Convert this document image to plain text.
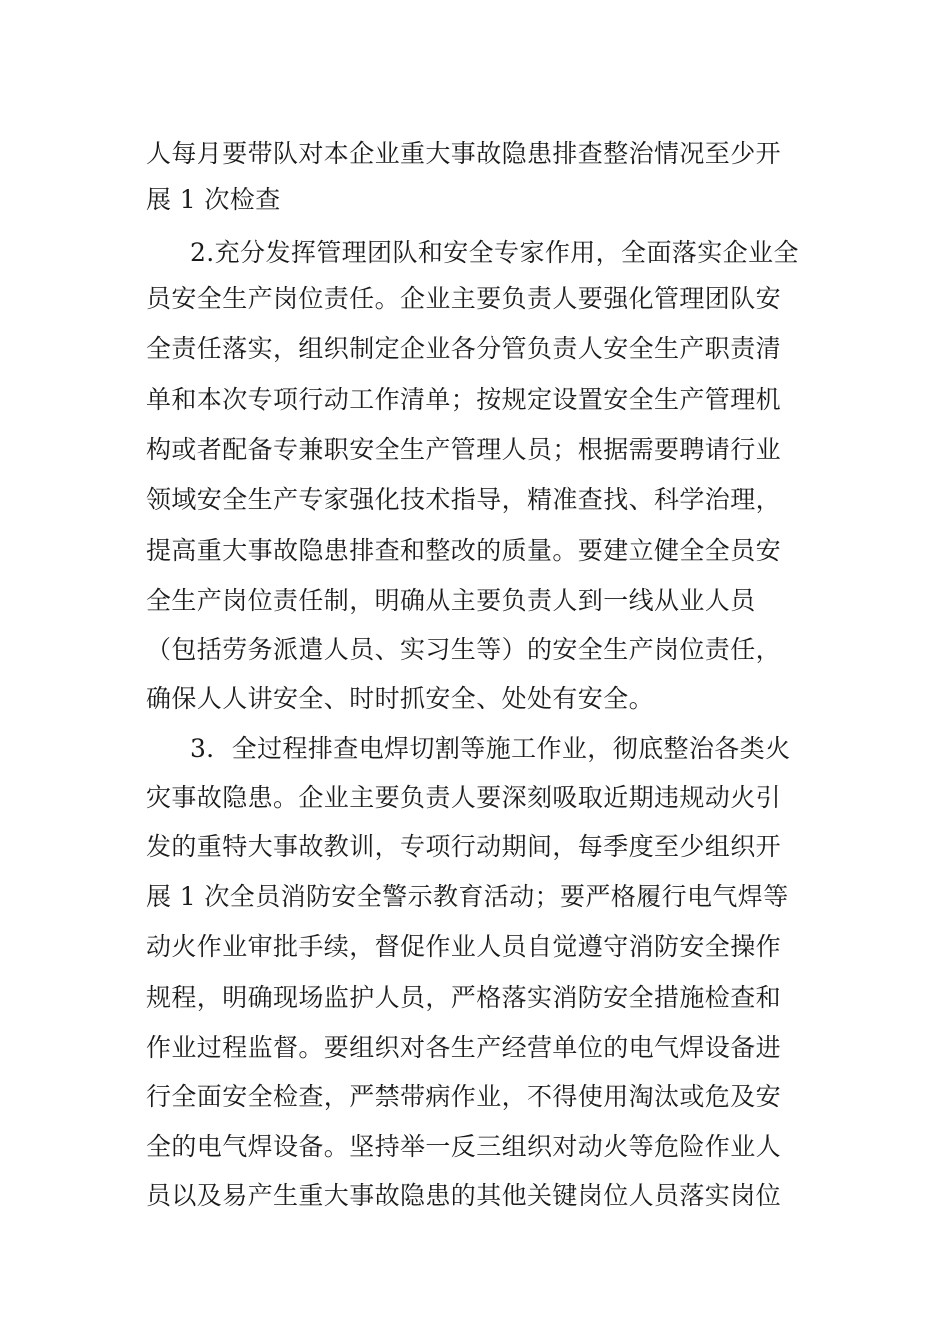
人每月要带队对本企业重大事故隐患排查整治情况至少开
展 1 次检查
2.充分发挥管理团队和安全专家作用，全面落实企业全
员安全生产岗位责任。企业主要负责人要强化管理团队安
全责任落实，组织制定企业各分管负责人安全生产职责清
单和本次专项行动工作清单；按规定设置安全生产管理机
构或者配备专兼职安全生产管理人员；根据需要聘请行业
领域安全生产专家强化技术指导，精准查找、科学治理，
提高重大事故隐患排查和整改的质量。要建立健全全员安
全生产岗位责任制，明确从主要负责人到一线从业人员
（包括劳务派遣人员、实习生等）的安全生产岗位责任，
确保人人讲安全、时时抓安全、处处有安全。
3．全过程排查电焊切割等施工作业，彻底整治各类火
灾事故隐患。企业主要负责人要深刻吸取近期违规动火引
发的重特大事故教训，专项行动期间，每季度至少组织开
展 1 次全员消防安全警示教育活动；要严格履行电气焊等
动火作业审批手续，督促作业人员自觉遵守消防安全操作
规程，明确现场监护人员，严格落实消防安全措施检查和
作业过程监督。要组织对各生产经营单位的电气焊设备进
行全面安全检查，严禁带病作业，不得使用淘汰或危及安
全的电气焊设备。坚持举一反三组织对动火等危险作业人
员以及易产生重大事故隐患的其他关键岗位人员落实岗位
